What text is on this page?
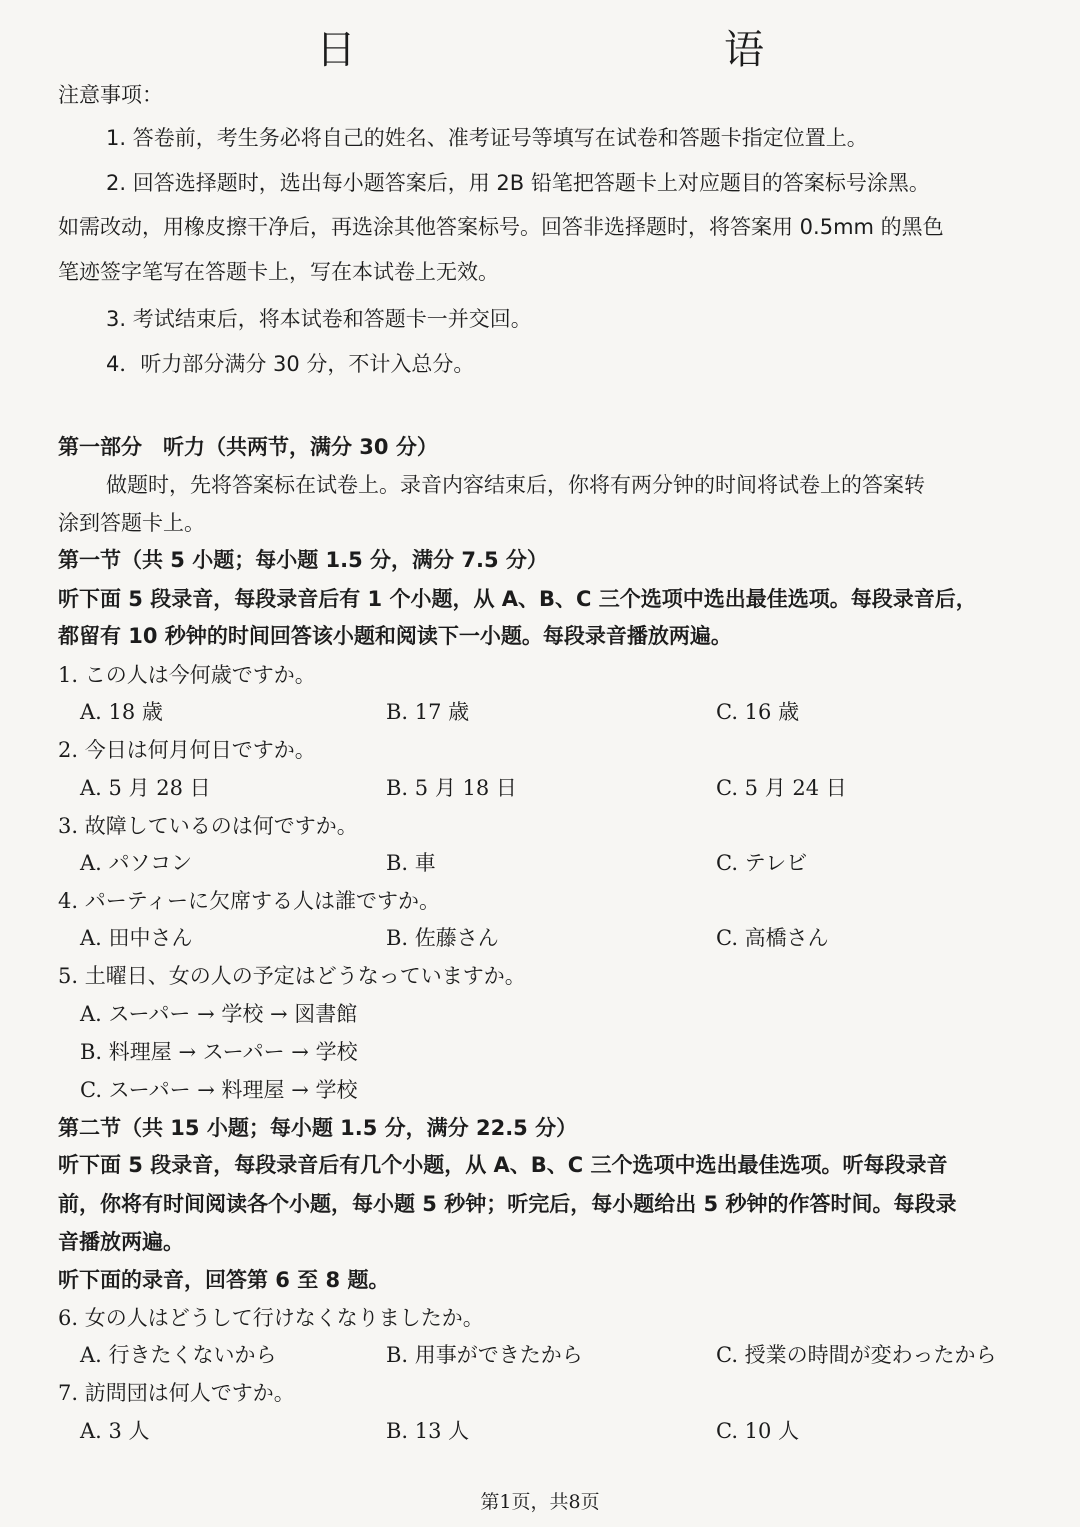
日　　语
注意事项：
1. 答卷前，考生务必将自己的姓名、准考证号等填写在试卷和答题卡指定位置上。
2. 回答选择题时，选出每小题答案后，用 2B 铅笔把答题卡上对应题目的答案标号涂黑。
如需改动，用橡皮擦干净后，再选涂其他答案标号。回答非选择题时，将答案用 0.5mm 的黑色
笔迹签字笔写在答题卡上，写在本试卷上无效。
3. 考试结束后，将本试卷和答题卡一并交回。
4．听力部分满分 30 分，不计入总分。
第一部分　听力（共两节，满分 30 分）
做题时，先将答案标在试卷上。录音内容结束后，你将有两分钟的时间将试卷上的答案转
涂到答题卡上。
第一节（共 5 小题；每小题 1.5 分，满分 7.5 分）
听下面 5 段录音，每段录音后有 1 个小题，从 A、B、C 三个选项中选出最佳选项。每段录音后，
都留有 10 秒钟的时间回答该小题和阅读下一小题。每段录音播放两遍。
1. この人は今何歳ですか。
A. 18 歳	B. 17 歳	C. 16 歳
2. 今日は何月何日ですか。
A. 5 月 28 日	B. 5 月 18 日	C. 5 月 24 日
3. 故障しているのは何ですか。
A. パソコン	B. 車	C. テレビ
4. パーティーに欠席する人は誰ですか。
A. 田中さん	B. 佐藤さん	C. 高橋さん
5. 土曜日、女の人の予定はどうなっていますか。
A. スーパー → 学校 → 図書館
B. 料理屋 → スーパー → 学校
C. スーパー → 料理屋 → 学校
第二节（共 15 小题；每小题 1.5 分，满分 22.5 分）
听下面 5 段录音，每段录音后有几个小题，从 A、B、C 三个选项中选出最佳选项。听每段录音
前，你将有时间阅读各个小题，每小题 5 秒钟；听完后，每小题给出 5 秒钟的作答时间。每段录
音播放两遍。
听下面的录音，回答第 6 至 8 题。
6. 女の人はどうして行けなくなりましたか。
A. 行きたくないから	B. 用事ができたから	C. 授業の時間が変わったから
7. 訪問団は何人ですか。
A. 3 人	B. 13 人	C. 10 人
第1页，共8页
